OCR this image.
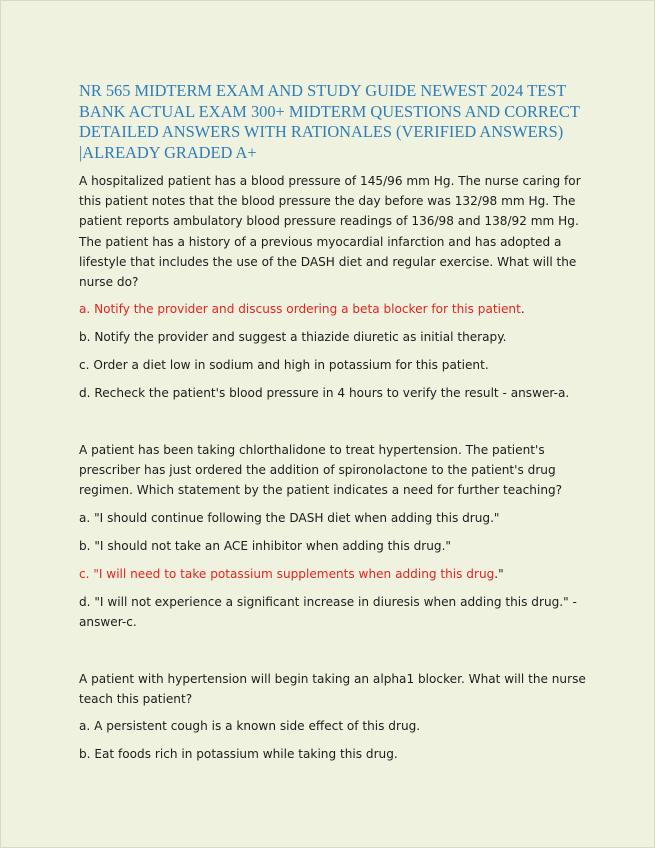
NR 565 MIDTERM EXAM AND STUDY GUIDE NEWEST 2024 TEST BANK ACTUAL EXAM 300+ MIDTERM QUESTIONS AND CORRECT DETAILED ANSWERS WITH RATIONALES (VERIFIED ANSWERS) |ALREADY GRADED A+

A hospitalized patient has a blood pressure of 145/96 mm Hg. The nurse caring for this patient notes that the blood pressure the day before was 132/98 mm Hg. The patient reports ambulatory blood pressure readings of 136/98 and 138/92 mm Hg. The patient has a history of a previous myocardial infarction and has adopted a lifestyle that includes the use of the DASH diet and regular exercise. What will the nurse do?

a. Notify the provider and discuss ordering a beta blocker for this patient.

b. Notify the provider and suggest a thiazide diuretic as initial therapy.

c. Order a diet low in sodium and high in potassium for this patient.

d. Recheck the patient's blood pressure in 4 hours to verify the result - answer-a.

A patient has been taking chlorthalidone to treat hypertension. The patient's prescriber has just ordered the addition of spironolactone to the patient's drug regimen. Which statement by the patient indicates a need for further teaching?

a. "I should continue following the DASH diet when adding this drug."

b. "I should not take an ACE inhibitor when adding this drug."

c. "I will need to take potassium supplements when adding this drug."

d. "I will not experience a significant increase in diuresis when adding this drug." - answer-c.

A patient with hypertension will begin taking an alpha1 blocker. What will the nurse teach this patient?

a. A persistent cough is a known side effect of this drug.

b. Eat foods rich in potassium while taking this drug.
